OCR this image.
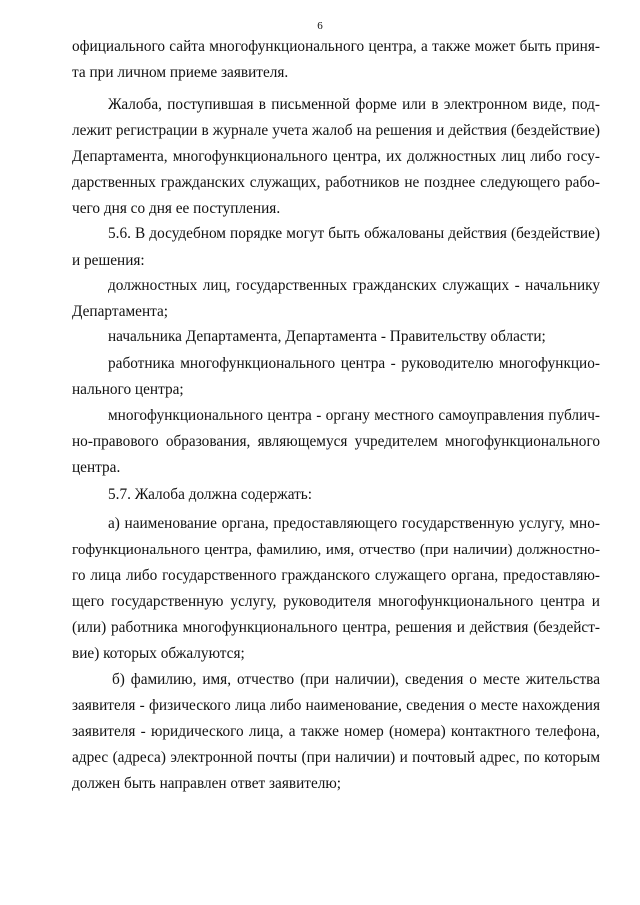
6

официального сайта многофункционального центра, а также может быть приня-

та при личном приеме заявителя.

Жалоба, поступившая в письменной форме или в электронном виде, под-

лежит регистрации в журнале учета жалоб на решения и действия (бездействие)

Департамента, многофункционального центра, их должностных лиц либо госу-

дарственных гражданских служащих, работников не позднее следующего рабо-

чего дня со дня ее поступления.

5.6. В досудебном порядке могут быть обжалованы действия (бездействие)

и решения:

должностных лиц, государственных гражданских служащих - начальнику

Департамента;

начальника Департамента, Департамента - Правительству области;

работника многофункционального центра - руководителю многофункцио-

нального центра;

многофункционального центра - органу местного самоуправления публич-

но-правового образования, являющемуся учредителем многофункционального

центра.

5.7. Жалоба должна содержать:

а) наименование органа, предоставляющего государственную услугу, мно-

гофункционального центра, фамилию, имя, отчество (при наличии) должностно-

го лица либо государственного гражданского служащего органа, предоставляю-

щего государственную услугу, руководителя многофункционального центра и

(или) работника многофункционального центра, решения и действия (бездейст-

вие) которых обжалуются;

б) фамилию, имя, отчество (при наличии), сведения о месте жительства

заявителя - физического лица либо наименование, сведения о месте нахождения

заявителя - юридического лица, а также номер (номера) контактного телефона,

адрес (адреса) электронной почты (при наличии) и почтовый адрес, по которым

должен быть направлен ответ заявителю;
